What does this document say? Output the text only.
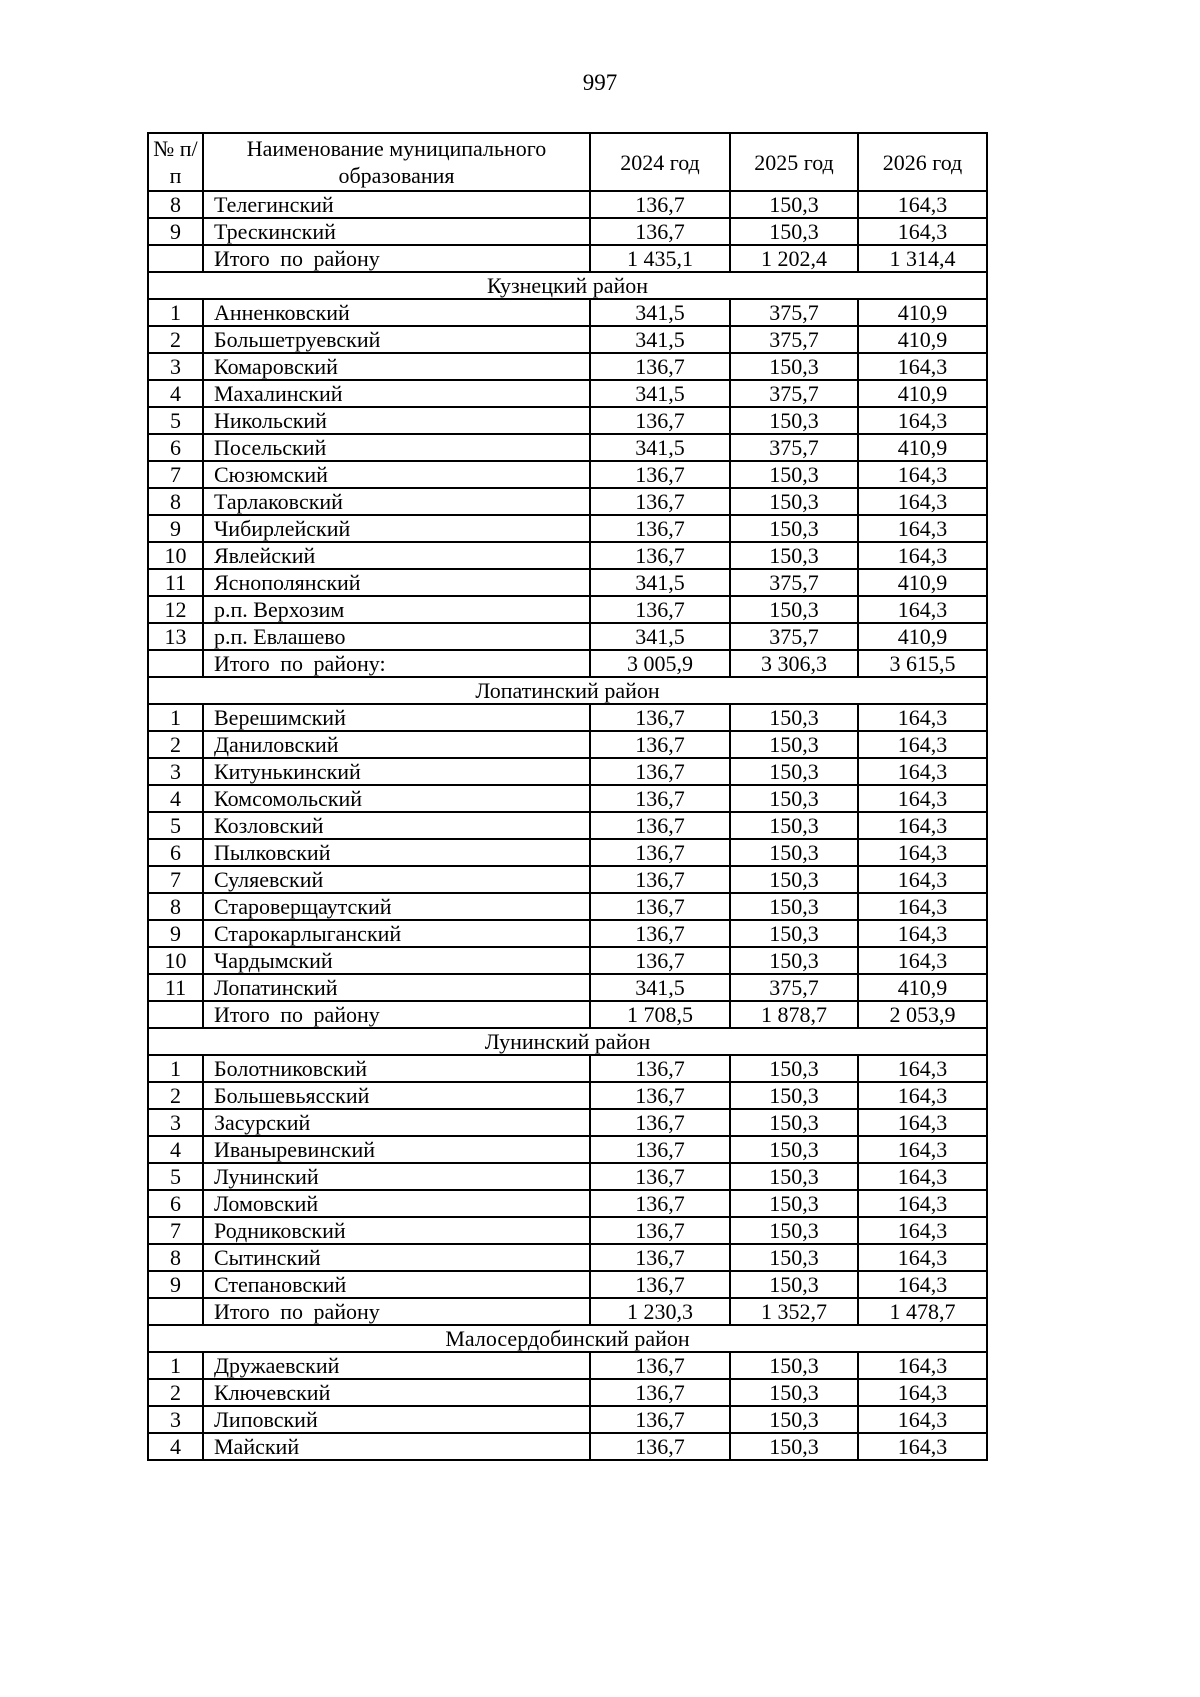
997
№ п/п	Наименование муниципального образования	2024 год	2025 год	2026 год
8	Телегинский	136,7	150,3	164,3
9	Трескинский	136,7	150,3	164,3
	Итого по району	1 435,1	1 202,4	1 314,4
Кузнецкий район				
1	Анненковский	341,5	375,7	410,9
2	Большетруевский	341,5	375,7	410,9
3	Комаровский	136,7	150,3	164,3
4	Махалинский	341,5	375,7	410,9
5	Никольский	136,7	150,3	164,3
6	Посельский	341,5	375,7	410,9
7	Сюзюмский	136,7	150,3	164,3
8	Тарлаковский	136,7	150,3	164,3
9	Чибирлейский	136,7	150,3	164,3
10	Явлейский	136,7	150,3	164,3
11	Яснополянский	341,5	375,7	410,9
12	р.п. Верхозим	136,7	150,3	164,3
13	р.п. Евлашево	341,5	375,7	410,9
	Итого по району:	3 005,9	3 306,3	3 615,5
Лопатинский район				
1	Верешимский	136,7	150,3	164,3
2	Даниловский	136,7	150,3	164,3
3	Китунькинский	136,7	150,3	164,3
4	Комсомольский	136,7	150,3	164,3
5	Козловский	136,7	150,3	164,3
6	Пылковский	136,7	150,3	164,3
7	Суляевский	136,7	150,3	164,3
8	Староверщаутский	136,7	150,3	164,3
9	Старокарлыганский	136,7	150,3	164,3
10	Чардымский	136,7	150,3	164,3
11	Лопатинский	341,5	375,7	410,9
	Итого по району	1 708,5	1 878,7	2 053,9
Лунинский район				
1	Болотниковский	136,7	150,3	164,3
2	Большевьясский	136,7	150,3	164,3
3	Засурский	136,7	150,3	164,3
4	Иваныревинский	136,7	150,3	164,3
5	Лунинский	136,7	150,3	164,3
6	Ломовский	136,7	150,3	164,3
7	Родниковский	136,7	150,3	164,3
8	Сытинский	136,7	150,3	164,3
9	Степановский	136,7	150,3	164,3
	Итого по району	1 230,3	1 352,7	1 478,7
Малосердобинский район				
1	Дружаевский	136,7	150,3	164,3
2	Ключевский	136,7	150,3	164,3
3	Липовский	136,7	150,3	164,3
4	Майский	136,7	150,3	164,3
